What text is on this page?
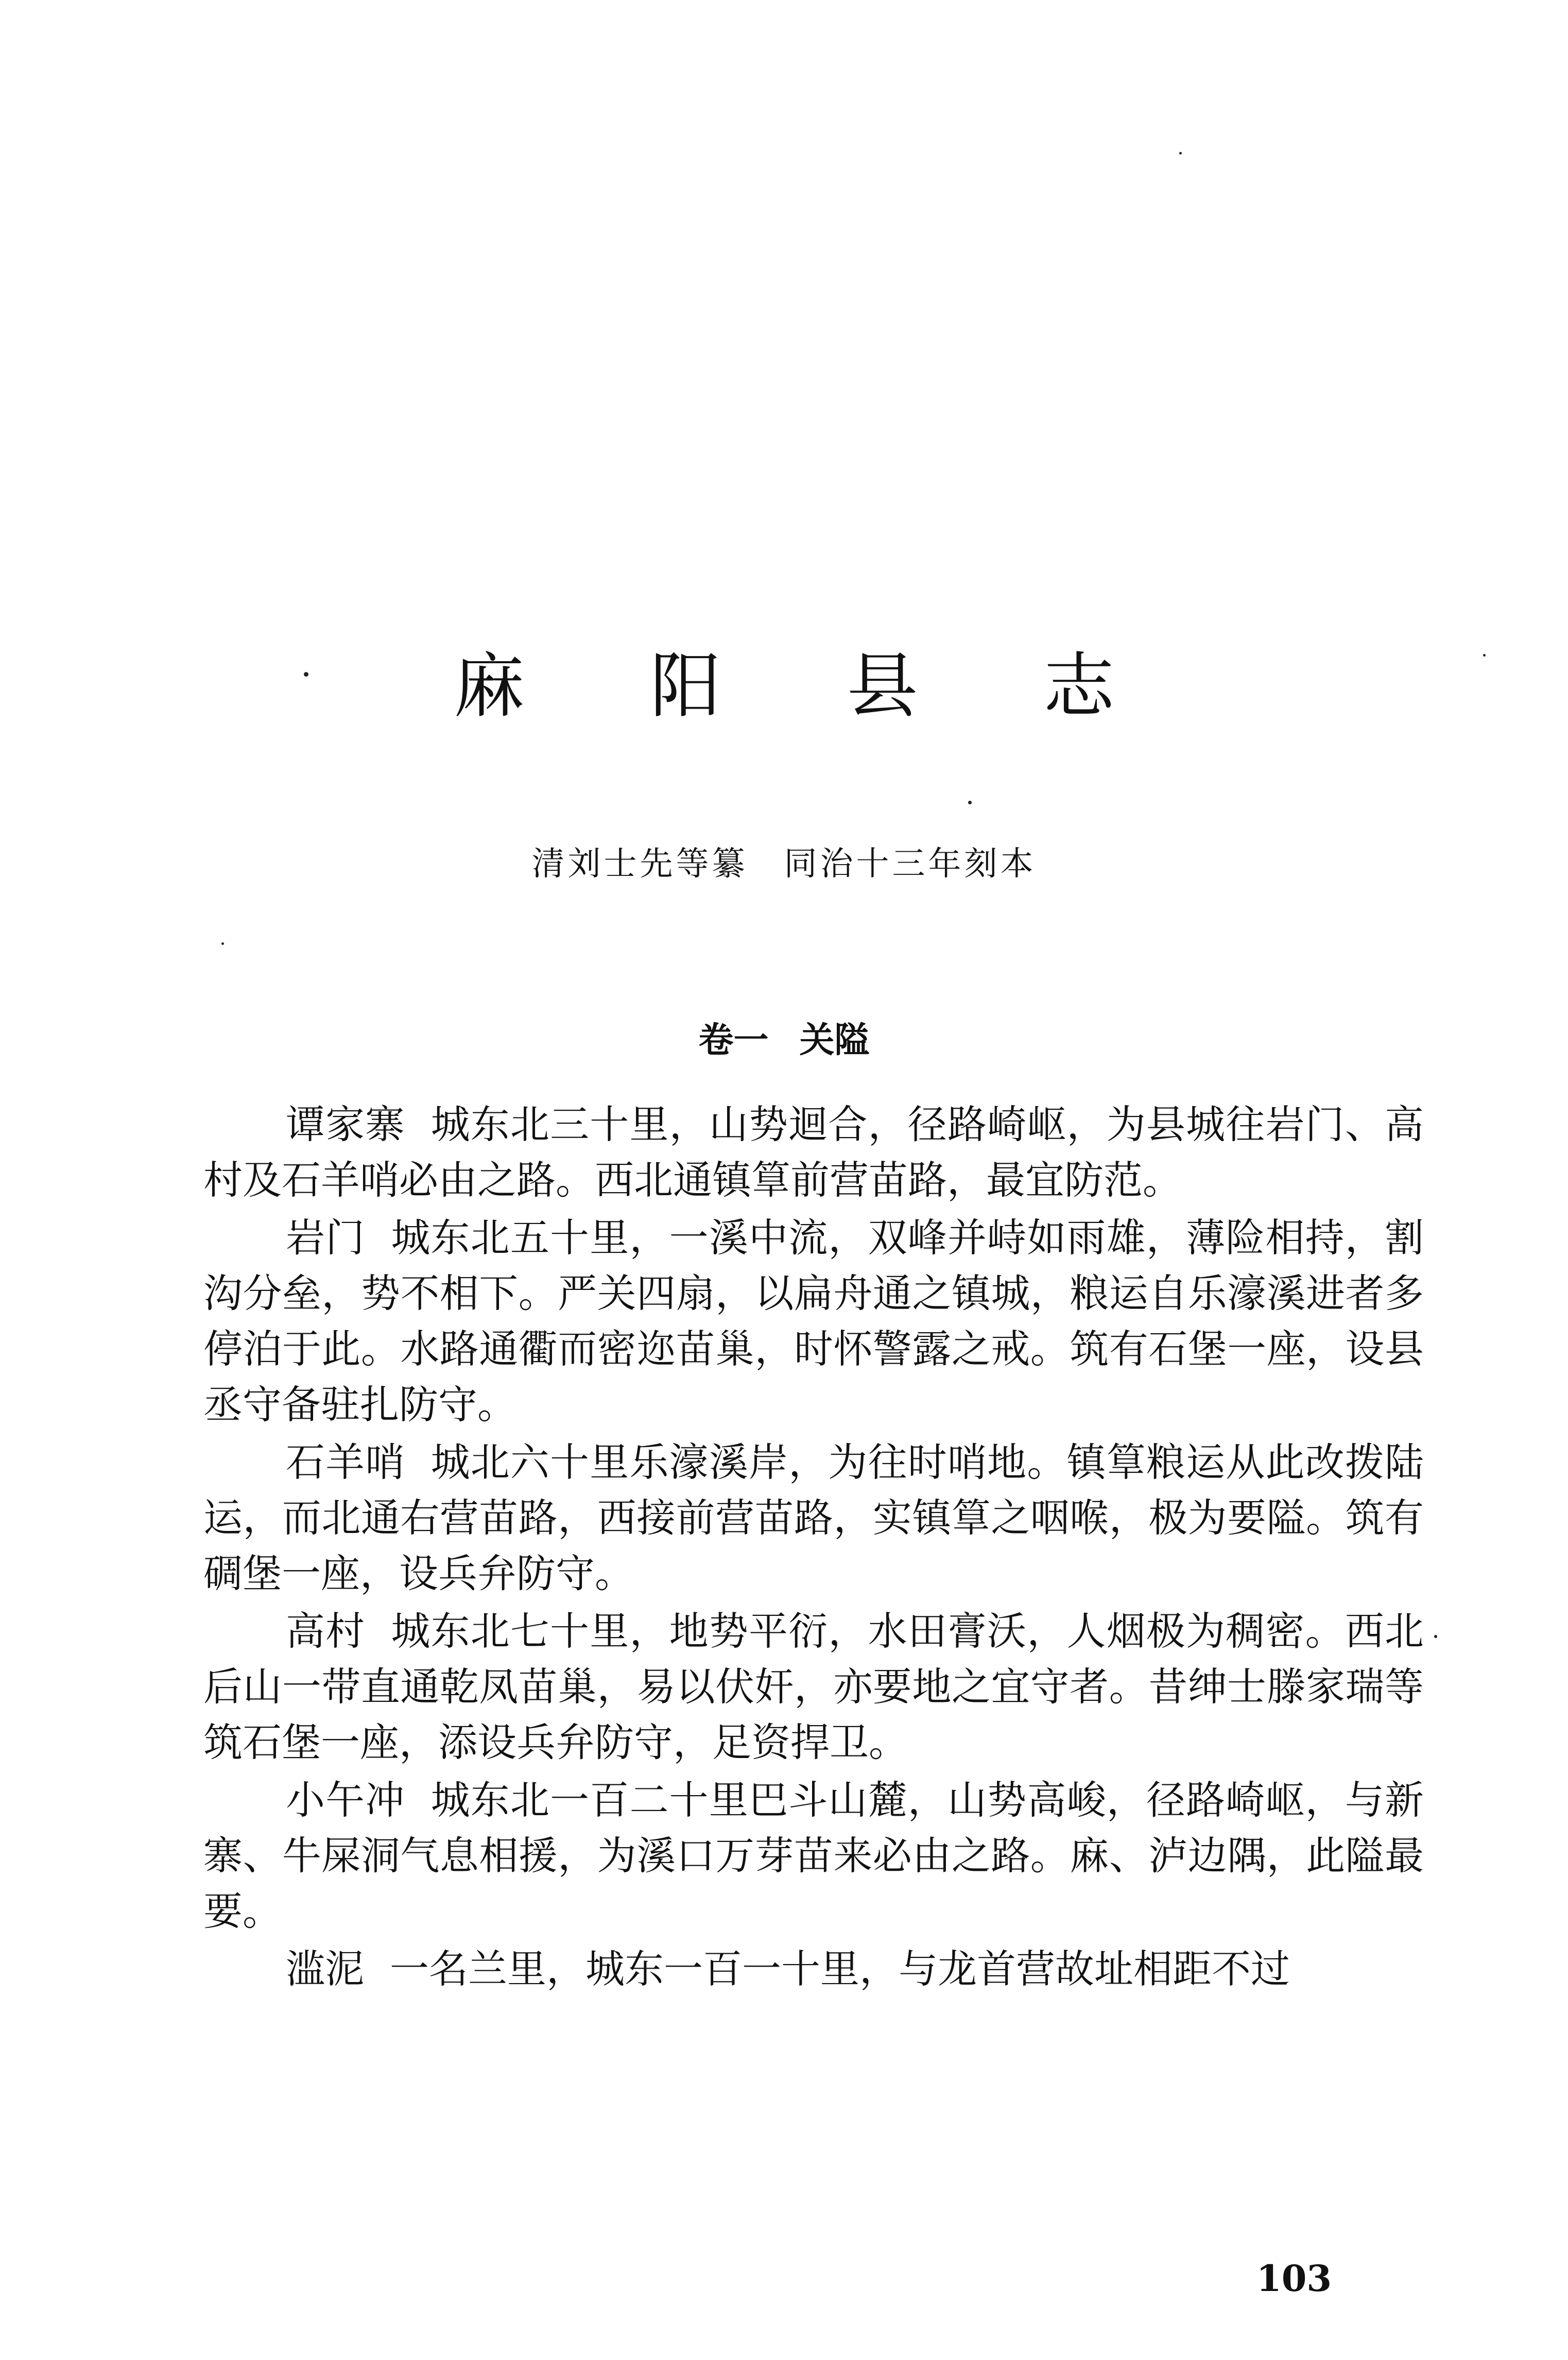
麻 阳 县 志
清刘士先等纂 同治十三年刻本
卷一 关隘

谭家寨 城东北三十里，山势迴合，径路崎岖，为县城往岩门、高村及石羊哨必由之路。西北通镇筸前营苗路，最宜防范。

岩门 城东北五十里，一溪中流，双峰并峙如雨雄，薄险相持，割沟分垒，势不相下。严关四扇，以扁舟通之镇城，粮运自乐濠溪进者多停泊于此。水路通衢而密迩苗巢，时怀警露之戒。筑有石堡一座，设县丞守备驻扎防守。

石羊哨 城北六十里乐濠溪岸，为往时哨地。镇筸粮运从此改拨陆运，而北通右营苗路，西接前营苗路，实镇筸之咽喉，极为要隘。筑有碉堡一座，设兵弁防守。

高村 城东北七十里，地势平衍，水田膏沃，人烟极为稠密。西北后山一带直通乾凤苗巢，易以伏奸，亦要地之宜守者。昔绅士滕家瑞等筑石堡一座，添设兵弁防守，足资捍卫。

小午冲 城东北一百二十里巴斗山麓，山势高峻，径路崎岖，与新寨、牛屎洞气息相援，为溪口万芽苗来必由之路。麻、泸边隅，此隘最要。

滥泥 一名兰里，城东一百一十里，与龙首营故址相距不过

103
